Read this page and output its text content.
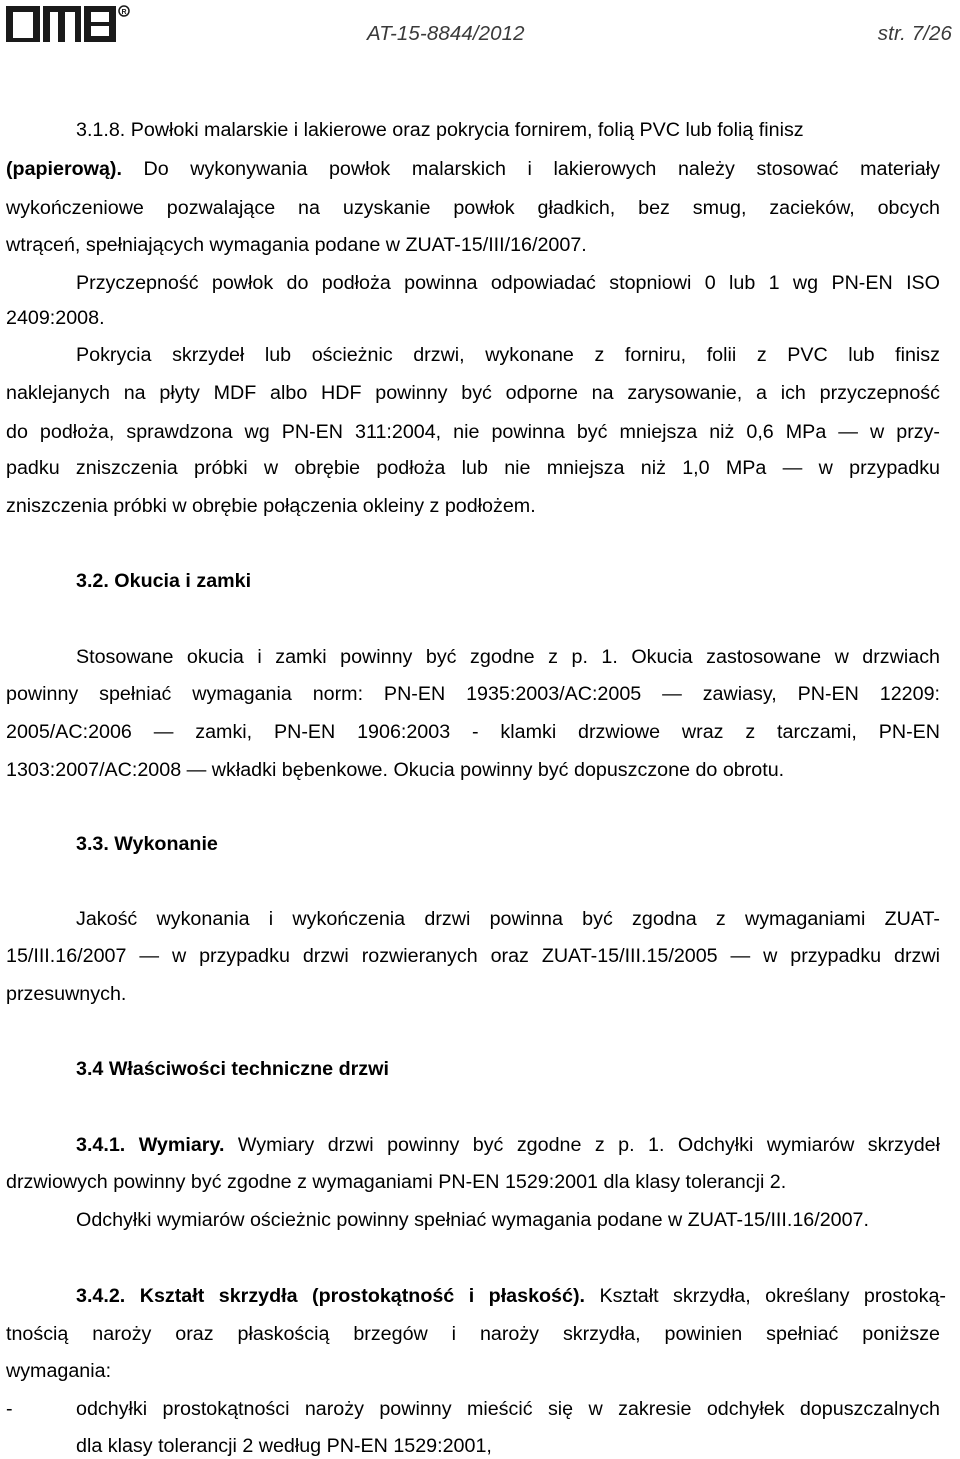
R
AT-15-8844/2012	str. 7/26
3.1.8. Powłoki malarskie i lakierowe oraz pokrycia fornirem, folią PVC lub folią finisz
(papierową). Do wykonywania powłok malarskich i lakierowych należy stosować materiały
wykończeniowe pozwalające na uzyskanie powłok gładkich, bez smug, zacieków, obcych
wtrąceń, spełniających wymagania podane w ZUAT-15/III/16/2007.
Przyczepność powłok do podłoża powinna odpowiadać stopniowi 0 lub 1 wg PN-EN ISO
2409:2008.
Pokrycia skrzydeł lub ościeżnic drzwi, wykonane z forniru, folii z PVC lub finisz
naklejanych na płyty MDF albo HDF powinny być odporne na zarysowanie, a ich przyczepność
do podłoża, sprawdzona wg PN-EN 311:2004, nie powinna być mniejsza niż 0,6 MPa — w przy-
padku zniszczenia próbki w obrębie podłoża lub nie mniejsza niż 1,0 MPa — w przypadku
zniszczenia próbki w obrębie połączenia okleiny z podłożem.
3.2. Okucia i zamki
Stosowane okucia i zamki powinny być zgodne z p. 1. Okucia zastosowane w drzwiach
powinny spełniać wymagania norm: PN-EN 1935:2003/AC:2005 — zawiasy, PN-EN 12209:
2005/AC:2006 — zamki, PN-EN 1906:2003 - klamki drzwiowe wraz z tarczami, PN-EN
1303:2007/AC:2008 — wkładki bębenkowe. Okucia powinny być dopuszczone do obrotu.
3.3. Wykonanie
Jakość wykonania i wykończenia drzwi powinna być zgodna z wymaganiami ZUAT-
15/III.16/2007 — w przypadku drzwi rozwieranych oraz ZUAT-15/III.15/2005 — w przypadku drzwi
przesuwnych.
3.4 Właściwości techniczne drzwi
3.4.1. Wymiary. Wymiary drzwi powinny być zgodne z p. 1. Odchyłki wymiarów skrzydeł
drzwiowych powinny być zgodne z wymaganiami PN-EN 1529:2001 dla klasy tolerancji 2.
Odchyłki wymiarów ościeżnic powinny spełniać wymagania podane w ZUAT-15/III.16/2007.
3.4.2. Kształt skrzydła (prostokątność i płaskość). Kształt skrzydła, określany prostoką-
tnością naroży oraz płaskością brzegów i naroży skrzydła, powinien spełniać poniższe
wymagania:
-	odchyłki prostokątności naroży powinny mieścić się w zakresie odchyłek dopuszczalnych
dla klasy tolerancji 2 według PN-EN 1529:2001,
